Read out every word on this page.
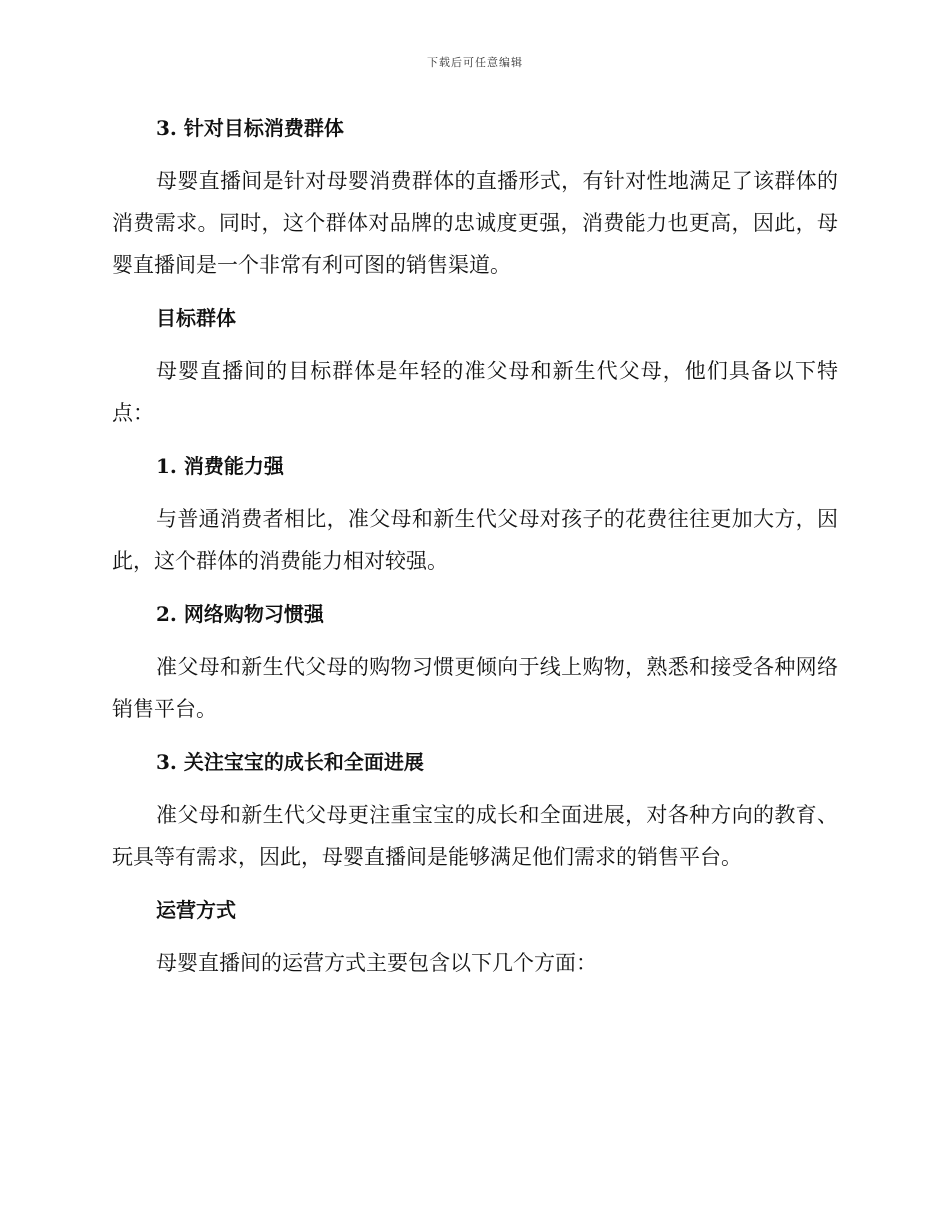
下载后可任意编辑
3. 针对目标消费群体
母婴直播间是针对母婴消费群体的直播形式，有针对性地满足了该群体的消费需求。同时，这个群体对品牌的忠诚度更强，消费能力也更高，因此，母婴直播间是一个非常有利可图的销售渠道。
目标群体
母婴直播间的目标群体是年轻的准父母和新生代父母，他们具备以下特点：
1. 消费能力强
与普通消费者相比，准父母和新生代父母对孩子的花费往往更加大方，因此，这个群体的消费能力相对较强。
2. 网络购物习惯强
准父母和新生代父母的购物习惯更倾向于线上购物，熟悉和接受各种网络销售平台。
3. 关注宝宝的成长和全面进展
准父母和新生代父母更注重宝宝的成长和全面进展，对各种方向的教育、玩具等有需求，因此，母婴直播间是能够满足他们需求的销售平台。
运营方式
母婴直播间的运营方式主要包含以下几个方面：
